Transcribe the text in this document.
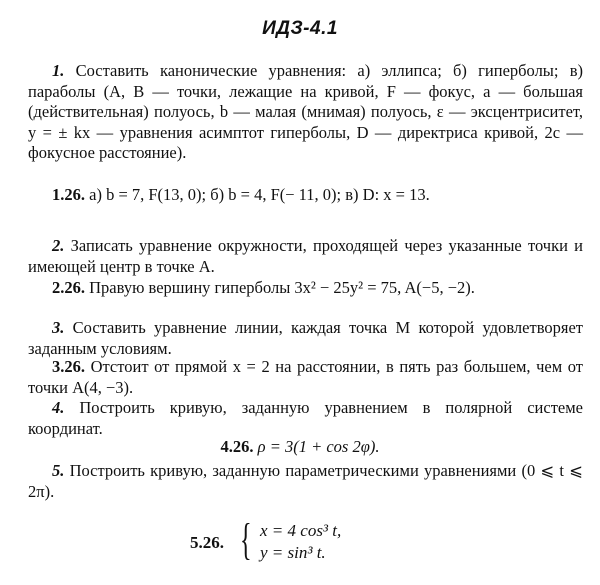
ИДЗ-4.1
1. Составить канонические уравнения: а) эллипса; б) гиперболы; в) параболы (A, B — точки, лежащие на кривой, F — фокус, a — большая (действительная) полуось, b — малая (мнимая) полуось, ε — эксцентриситет, y = ± kx — уравнения асимптот гиперболы, D — директриса кривой, 2c — фокусное расстояние).
1.26. а) b = 7, F(13, 0); б) b = 4, F(− 11, 0); в) D: x = 13.
2. Записать уравнение окружности, проходящей через указанные точки и имеющей центр в точке A.
2.26. Правую вершину гиперболы 3x² − 25y² = 75, A(−5, −2).
3. Составить уравнение линии, каждая точка M которой удовлетворяет заданным условиям.
3.26. Отстоит от прямой x = 2 на расстоянии, в пять раз большем, чем от точки A(4, −3).
4. Построить кривую, заданную уравнением в полярной системе координат.
4.26. ρ = 3(1 + cos 2φ).
5. Построить кривую, заданную параметрическими уравнениями (0 ⩽ t ⩽ 2π).
5.26. { x = 4 cos³ t,
y = sin³ t.
